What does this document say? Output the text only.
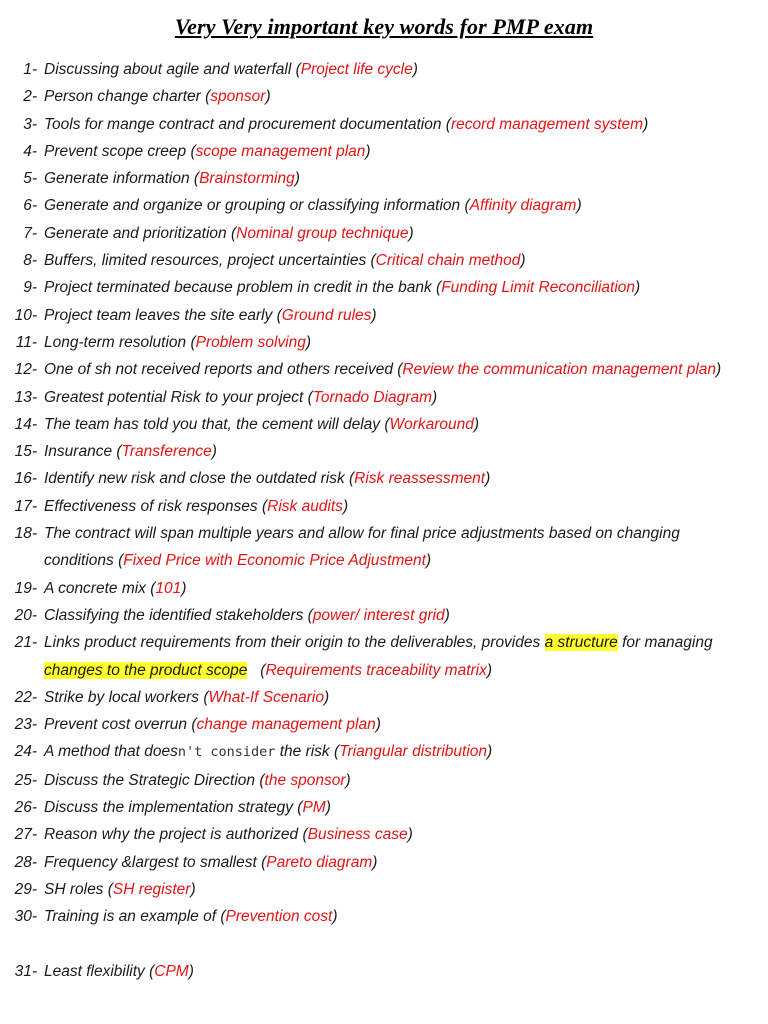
Very Very important key words for PMP exam
1- Discussing about agile and waterfall (Project life cycle)
2- Person change charter (sponsor)
3- Tools for mange contract and procurement documentation (record management system)
4- Prevent scope creep (scope management plan)
5- Generate information (Brainstorming)
6- Generate and organize or grouping or classifying information (Affinity diagram)
7- Generate and prioritization (Nominal group technique)
8- Buffers, limited resources, project uncertainties (Critical chain method)
9- Project terminated because problem in credit in the bank (Funding Limit Reconciliation)
10- Project team leaves the site early (Ground rules)
11- Long-term resolution (Problem solving)
12- One of sh not received reports and others received (Review the communication management plan)
13- Greatest potential Risk to your project (Tornado Diagram)
14- The team has told you that, the cement will delay (Workaround)
15- Insurance (Transference)
16- Identify new risk and close the outdated risk (Risk reassessment)
17- Effectiveness of risk responses (Risk audits)
18- The contract will span multiple years and allow for final price adjustments based on changing conditions (Fixed Price with Economic Price Adjustment)
19- A concrete mix (101)
20- Classifying the identified stakeholders (power/ interest grid)
21- Links product requirements from their origin to the deliverables, provides a structure for managing changes to the product scope   (Requirements traceability matrix)
22- Strike by local workers (What-If Scenario)
23- Prevent cost overrun (change management plan)
24- A method that doesn't consider the risk (Triangular distribution)
25- Discuss the Strategic Direction (the sponsor)
26- Discuss the implementation strategy (PM)
27- Reason why the project is authorized (Business case)
28- Frequency &largest to smallest (Pareto diagram)
29- SH roles (SH register)
30- Training is an example of (Prevention cost)
31- Least flexibility (CPM)
